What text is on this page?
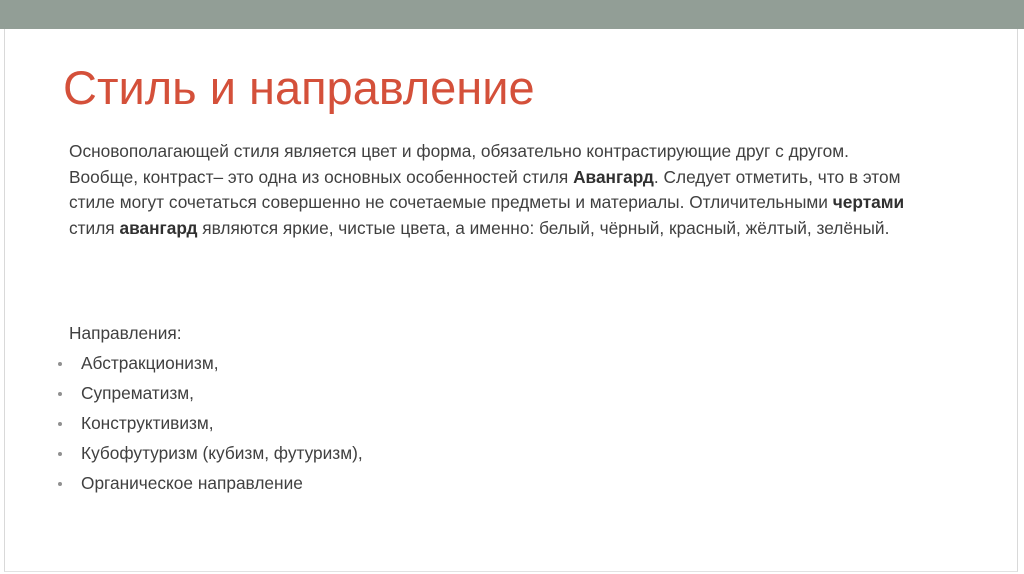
Стиль и направление

Основополагающей стиля является цвет и форма, обязательно контрастирующие друг с другом. Вообще, контраст– это одна из основных особенностей стиля Авангард. Следует отметить, что в этом стиле могут сочетаться совершенно не сочетаемые предметы и материалы. Отличительными чертами стиля авангард являются яркие, чистые цвета, а именно: белый, чёрный, красный, жёлтый, зелёный.

Направления:

Абстракционизм,
Супрематизм,
Конструктивизм,
Кубофутуризм (кубизм, футуризм),
Органическое направление
